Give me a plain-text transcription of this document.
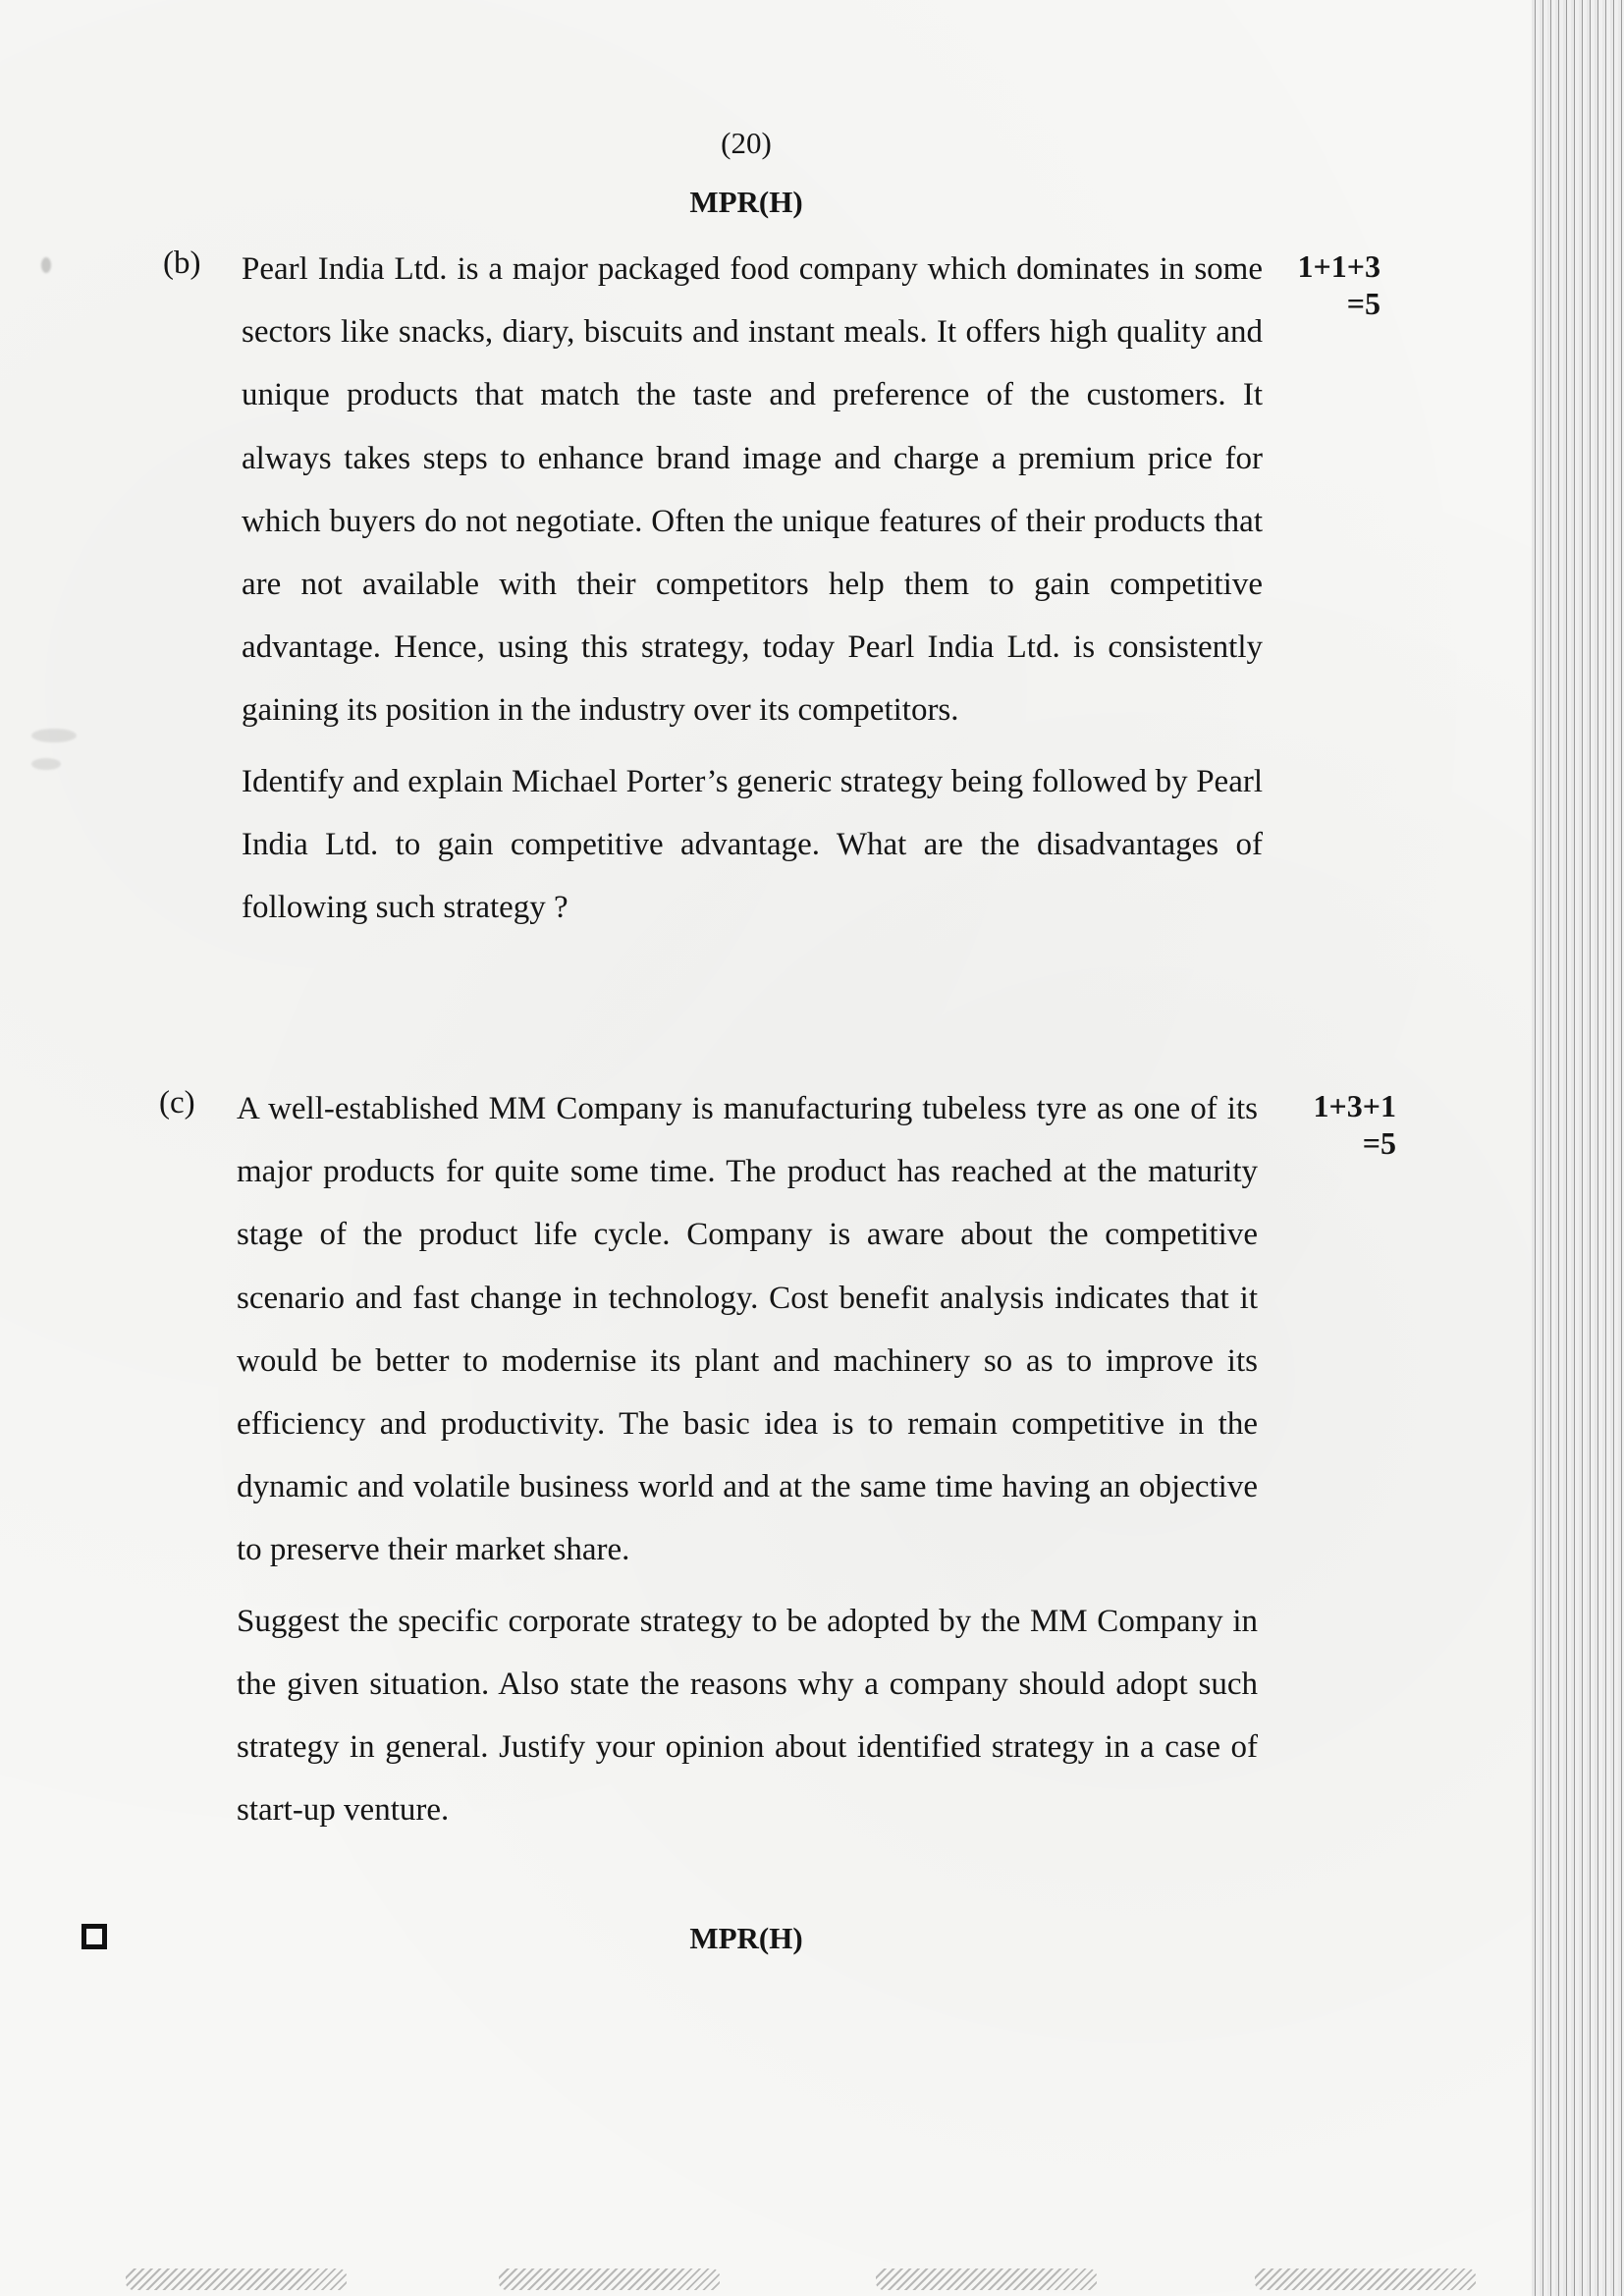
(20)
MPR(H)
(b) Pearl India Ltd. is a major packaged food company which dominates in some sectors like snacks, diary, biscuits and instant meals. It offers high quality and unique products that match the taste and preference of the customers. It always takes steps to enhance brand image and charge a premium price for which buyers do not negotiate. Often the unique features of their products that are not available with their competitors help them to gain competitive advantage. Hence, using this strategy, today Pearl India Ltd. is consistently gaining its position in the industry over its competitors.

Identify and explain Michael Porter’s generic strategy being followed by Pearl India Ltd. to gain competitive advantage. What are the disadvantages of following such strategy ?

1+1+3
=5
(c) A well-established MM Company is manufacturing tubeless tyre as one of its major products for quite some time. The product has reached at the maturity stage of the product life cycle. Company is aware about the competitive scenario and fast change in technology. Cost benefit analysis indicates that it would be better to modernise its plant and machinery so as to improve its efficiency and productivity. The basic idea is to remain competitive in the dynamic and volatile business world and at the same time having an objective to preserve their market share.

Suggest the specific corporate strategy to be adopted by the MM Company in the given situation. Also state the reasons why a company should adopt such strategy in general. Justify your opinion about identified strategy in a case of start-up venture.

1+3+1
=5
MPR(H)
